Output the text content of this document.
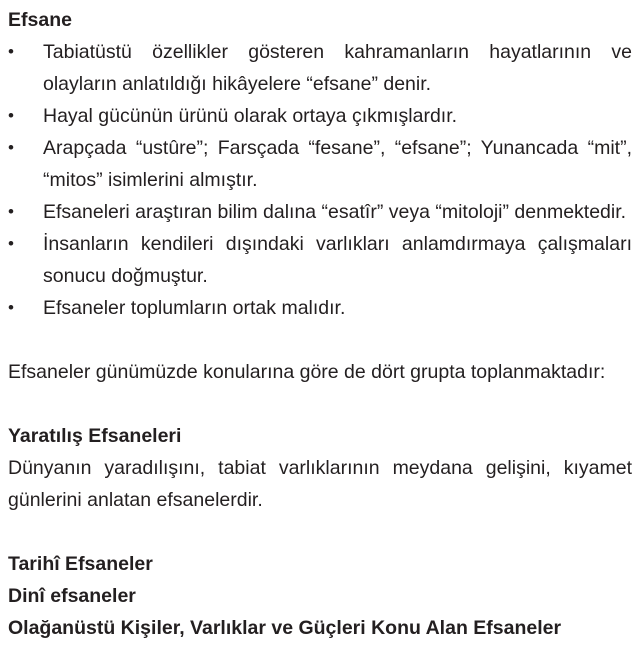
Efsane

• Tabiatüstü özellikler gösteren kahramanların hayatlarının ve olayların anlatıldığı hikâyelere “efsane” denir.
• Hayal gücünün ürünü olarak ortaya çıkmışlardır.
• Arapçada “ustûre”; Farsçada “fesane”, “efsane”; Yunancada “mit”, “mitos” isimlerini almıştır.
• Efsaneleri araştıran bilim dalına “esatîr” veya “mitoloji” denmektedir.
• İnsanların kendileri dışındaki varlıkları anlamdırmaya çalışmaları sonucu doğmuştur.
• Efsaneler toplumların ortak malıdır.

Efsaneler günümüzde konularına göre de dört grupta toplanmaktadır:

Yaratılış Efsaneleri

Dünyanın yaradılışını, tabiat varlıklarının meydana gelişini, kıyamet günlerini anlatan efsanelerdir.

Tarihî Efsaneler

Dinî efsaneler

Olağanüstü Kişiler, Varlıklar ve Güçleri Konu Alan Efsaneler
